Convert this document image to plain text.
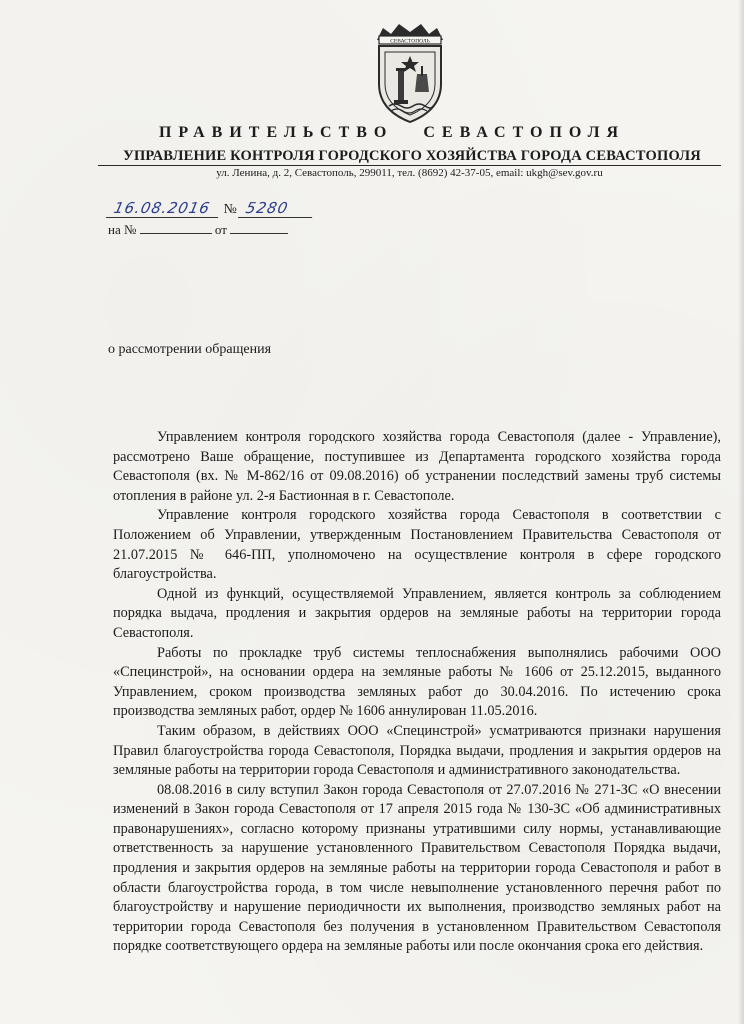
СЕВАСТОПОЛЬ
ПРАВИТЕЛЬСТВО СЕВАСТОПОЛЯ
УПРАВЛЕНИЕ КОНТРОЛЯ ГОРОДСКОГО ХОЗЯЙСТВА ГОРОДА СЕВАСТОПОЛЯ
ул. Ленина, д. 2, Севастополь, 299011, тел. (8692) 42-37-05, email: ukgh@sev.gov.ru
16.08.2016 № 5280
на №	от
о рассмотрении обращения

Управлением контроля городского хозяйства города Севастополя (далее - Управление), рассмотрено Ваше обращение, поступившее из Департамента городского хозяйства города Севастополя (вх. № М-862/16 от 09.08.2016) об устранении последствий замены труб системы отопления в районе ул. 2-я Бастионная в г. Севастополе.

Управление контроля городского хозяйства города Севастополя в соответствии с Положением об Управлении, утвержденным Постановлением Правительства Севастополя от 21.07.2015 № 646-ПП, уполномочено на осуществление контроля в сфере городского благоустройства.

Одной из функций, осуществляемой Управлением, является контроль за соблюдением порядка выдача, продления и закрытия ордеров на земляные работы на территории города Севастополя.

Работы по прокладке труб системы теплоснабжения выполнялись рабочими ООО «Специнстрой», на основании ордера на земляные работы № 1606 от 25.12.2015, выданного Управлением, сроком производства земляных работ до 30.04.2016. По истечению срока производства земляных работ, ордер № 1606 аннулирован 11.05.2016.

Таким образом, в действиях ООО «Специнстрой» усматриваются признаки нарушения Правил благоустройства города Севастополя, Порядка выдачи, продления и закрытия ордеров на земляные работы на территории города Севастополя и административного законодательства.

08.08.2016 в силу вступил Закон города Севастополя от 27.07.2016 № 271-ЗС «О внесении изменений в Закон города Севастополя от 17 апреля 2015 года № 130-ЗС «Об административных правонарушениях», согласно которому признаны утратившими силу нормы, устанавливающие ответственность за нарушение установленного Правительством Севастополя Порядка выдачи, продления и закрытия ордеров на земляные работы на территории города Севастополя и работ в области благоустройства города, в том числе невыполнение установленного перечня работ по благоустройству и нарушение периодичности их выполнения, производство земляных работ на территории города Севастополя без получения в установленном Правительством Севастополя порядке соответствующего ордера на земляные работы или после окончания срока его действия.
